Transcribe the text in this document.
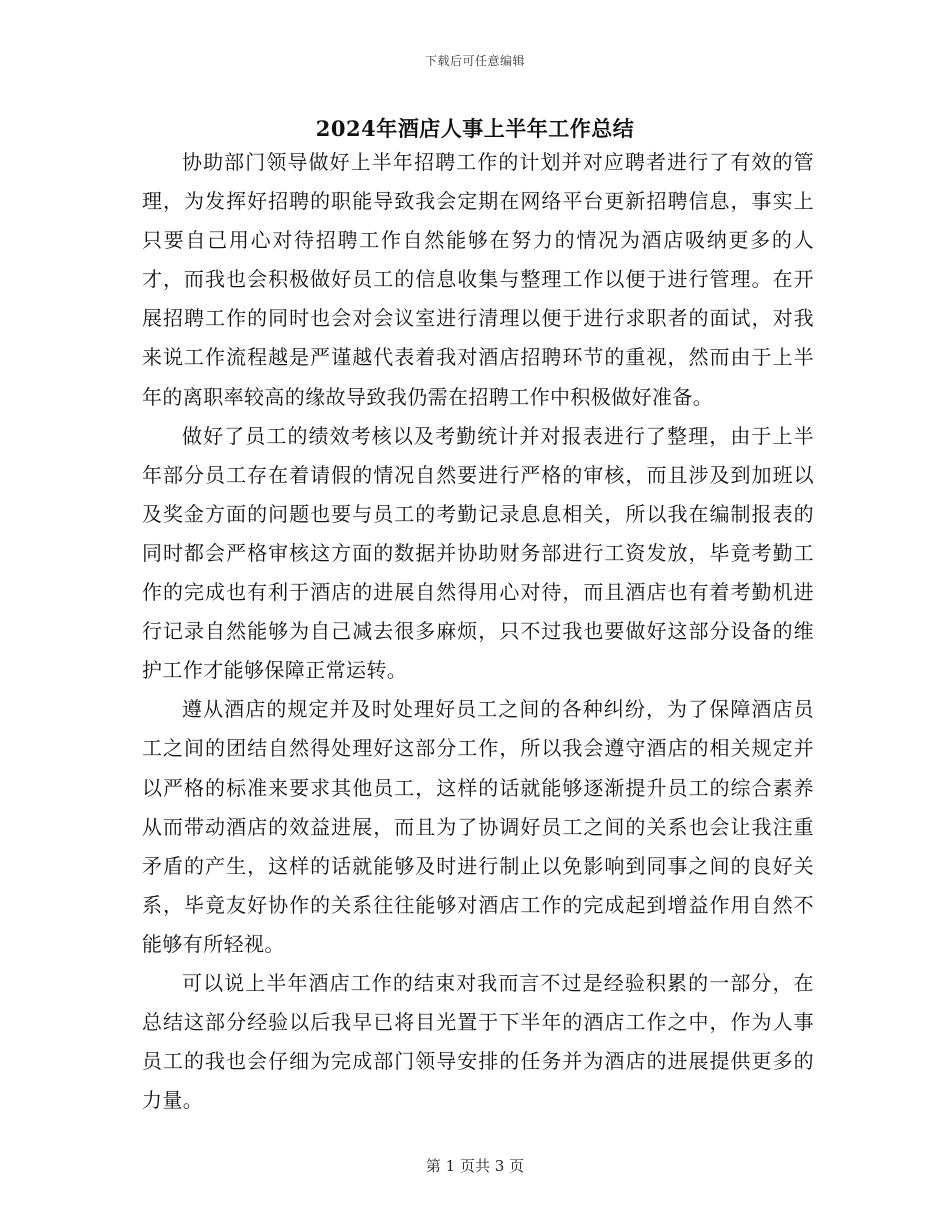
下载后可任意编辑
2024年酒店人事上半年工作总结

协助部门领导做好上半年招聘工作的计划并对应聘者进行了有效的管理，为发挥好招聘的职能导致我会定期在网络平台更新招聘信息，事实上只要自己用心对待招聘工作自然能够在努力的情况为酒店吸纳更多的人才，而我也会积极做好员工的信息收集与整理工作以便于进行管理。在开展招聘工作的同时也会对会议室进行清理以便于进行求职者的面试，对我来说工作流程越是严谨越代表着我对酒店招聘环节的重视，然而由于上半年的离职率较高的缘故导致我仍需在招聘工作中积极做好准备。

做好了员工的绩效考核以及考勤统计并对报表进行了整理，由于上半年部分员工存在着请假的情况自然要进行严格的审核，而且涉及到加班以及奖金方面的问题也要与员工的考勤记录息息相关，所以我在编制报表的同时都会严格审核这方面的数据并协助财务部进行工资发放，毕竟考勤工作的完成也有利于酒店的进展自然得用心对待，而且酒店也有着考勤机进行记录自然能够为自己减去很多麻烦，只不过我也要做好这部分设备的维护工作才能够保障正常运转。

遵从酒店的规定并及时处理好员工之间的各种纠纷，为了保障酒店员工之间的团结自然得处理好这部分工作，所以我会遵守酒店的相关规定并以严格的标准来要求其他员工，这样的话就能够逐渐提升员工的综合素养从而带动酒店的效益进展，而且为了协调好员工之间的关系也会让我注重矛盾的产生，这样的话就能够及时进行制止以免影响到同事之间的良好关系，毕竟友好协作的关系往往能够对酒店工作的完成起到增益作用自然不能够有所轻视。

可以说上半年酒店工作的结束对我而言不过是经验积累的一部分，在总结这部分经验以后我早已将目光置于下半年的酒店工作之中，作为人事员工的我也会仔细为完成部门领导安排的任务并为酒店的进展提供更多的力量。

第 1 页共 3 页
